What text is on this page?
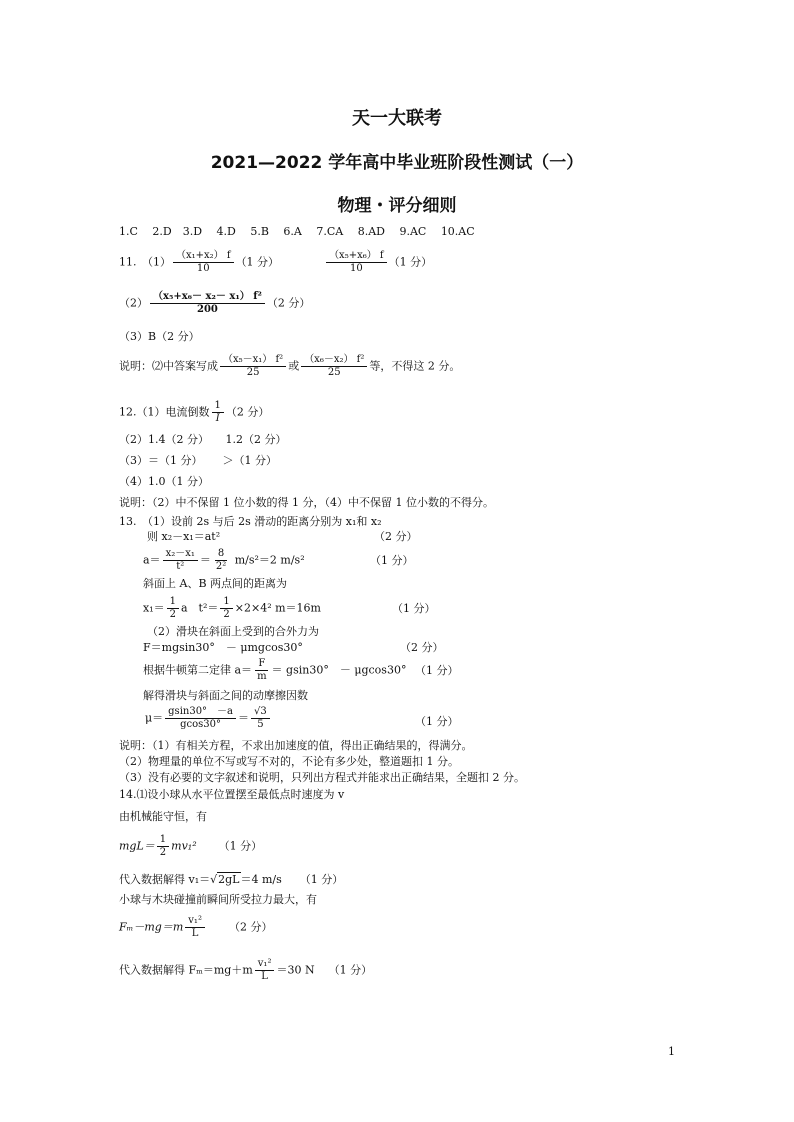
天一大联考
2021—2022 学年高中毕业班阶段性测试（一）
物理・评分细则
1.C　 2.D　3.D　 4.D　 5.B　 6.A　 7.CA　 8.AD　 9.AC　 10.AC
11.　$(1) \frac{\text{（x₁+x₂） f}}{10} (1$ 分）	$\frac{\text{（x₅+x₆） f}}{10} (1$ 分）
$(2) \frac{\text{（x₅+x₆－ x₂－ x₁） f²}}{200} (2$ 分）
（3）B（2 分）
说明：⑵中答案写成 $\frac{\text{（x₅－x₁） f²}}{25}$ 或 $\frac{\text{（x₆－x₂） f²}}{25}$ 等，不得这 2 分。
12.（1）电流倒数 $\frac{1}{I} (2$ 分）
（2）1.4（2 分）　　1.2（2 分）
（3）＝（1 分）　　 ＞（1 分）
（4）1.0（1 分）
说明：（2）中不保留 1 位小数的得 1 分，（4）中不保留 1 位小数的不得分。
13.　（1）设前 2s 与后 2s 滑动的距离分别为 x₁和 x₂
则 x₂－x₁＝at²	（2 分）
$a= \frac{\text{x₂－x₁}}{\text{t²}} = \frac{8}{\text{2²}} m/s^2=2$ m/s²	（1 分）
斜面上 A、B 两点间的距离为
$x_1= \frac{1}{2}$ a　$t^2= \frac{1}{2} \times 2\times 4^2$ m＝16m	（1 分）
（2）滑块在斜面上受到的合外力为
F＝mgsin30°　－ μmgcos30°	（2 分）
根据牛顿第二定律 $a= \frac{F}{m} = gsin30^\circ$　－ μgcos30° （1 分）
解得滑块与斜面之间的动摩擦因数
$\mu= \frac{gsin30^\circ -a}{gcos30^\circ} = \frac{√3}{5}$	（1 分）
说明：（1）有相关方程，不求出加速度的值，得出正确结果的，得满分。
（2）物理量的单位不写或写不对的，不论有多少处，整道题扣 1 分。
（3）没有必要的文字叙述和说明，只列出方程式并能求出正确结果，全题扣 2 分。
14.⑴设小球从水平位置摆至最低点时速度为 v
由机械能守恒，有
$mgL= \frac{1}{2} mv_1^2$ （1 分）
代入数据解得 v₁＝√2gL＝4 m/s （1 分）
小球与木块碰撞前瞬间所受拉力最大，有
$F_m-mg=m \frac{\text{v₁²}}{L} (2$ 分）
代入数据解得 $F_m=mg+m \frac{\text{v₁²}}{L} =30$ N （1 分）
1
